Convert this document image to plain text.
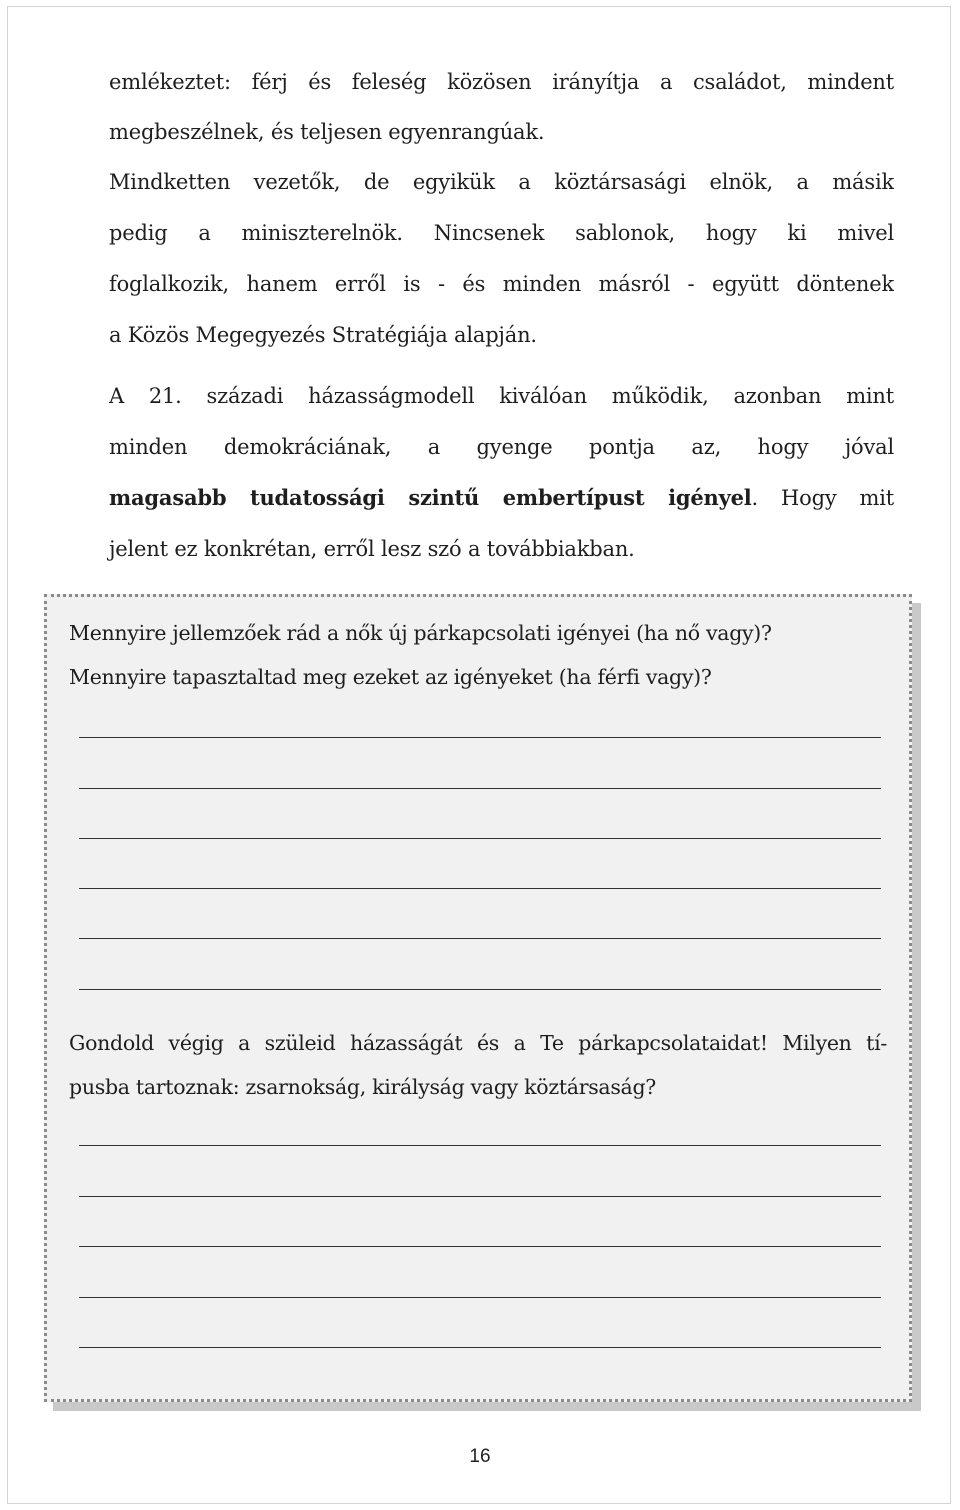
emlékeztet: férj és feleség közösen irányítja a családot, mindent
megbeszélnek, és teljesen egyenrangúak.
Mindketten vezetők, de egyikük a köztársasági elnök, a másik
pedig a miniszterelnök. Nincsenek sablonok, hogy ki mivel
foglalkozik, hanem erről is - és minden másról - együtt döntenek
a Közös Megegyezés Stratégiája alapján.
A 21. századi házasságmodell kiválóan működik, azonban mint
minden demokráciának, a gyenge pontja az, hogy jóval
magasabb tudatossági szintű embertípust igényel. Hogy mit
jelent ez konkrétan, erről lesz szó a továbbiakban.
Mennyire jellemzőek rád a nők új párkapcsolati igényei (ha nő vagy)?
Mennyire tapasztaltad meg ezeket az igényeket (ha férfi vagy)?
Gondold végig a szüleid házasságát és a Te párkapcsolataidat! Milyen tí-
pusba tartoznak: zsarnokság, királyság vagy köztársaság?
16
